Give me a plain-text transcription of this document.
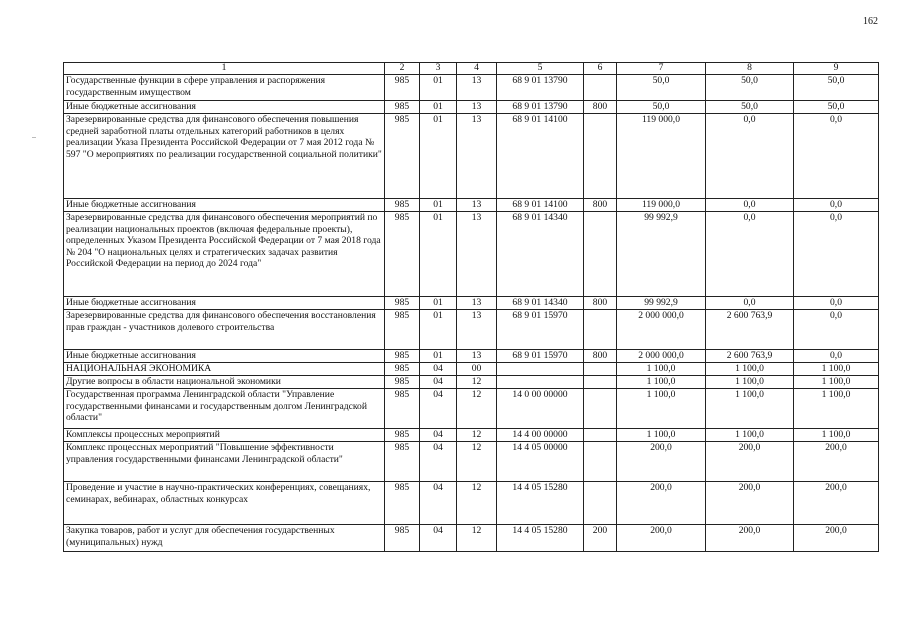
162
1	2	3	4	5	6	7	8	9
Государственные функции в сфере управления и распоряжения государственным имуществом	985	01	13	68 9 01 13790		50,0	50,0	50,0
Иные бюджетные ассигнования	985	01	13	68 9 01 13790	800	50,0	50,0	50,0
Зарезервированные средства для финансового обеспечения повышения средней заработной платы отдельных категорий работников в целях реализации Указа Президента Российской Федерации от 7 мая 2012 года № 597 "О мероприятиях по реализации государственной социальной политики"	985	01	13	68 9 01 14100		119 000,0	0,0	0,0
Иные бюджетные ассигнования	985	01	13	68 9 01 14100	800	119 000,0	0,0	0,0
Зарезервированные средства для финансового обеспечения мероприятий по реализации национальных проектов (включая федеральные проекты), определенных Указом Президента Российской Федерации от 7 мая 2018 года № 204 "О национальных целях и стратегических задачах развития Российской Федерации на период до 2024 года"	985	01	13	68 9 01 14340		99 992,9	0,0	0,0
Иные бюджетные ассигнования	985	01	13	68 9 01 14340	800	99 992,9	0,0	0,0
Зарезервированные средства для финансового обеспечения восстановления прав граждан - участников долевого строительства	985	01	13	68 9 01 15970		2 000 000,0	2 600 763,9	0,0
Иные бюджетные ассигнования	985	01	13	68 9 01 15970	800	2 000 000,0	2 600 763,9	0,0
НАЦИОНАЛЬНАЯ ЭКОНОМИКА	985	04	00			1 100,0	1 100,0	1 100,0
Другие вопросы в области национальной экономики	985	04	12			1 100,0	1 100,0	1 100,0
Государственная программа Ленинградской области "Управление государственными финансами и государственным долгом Ленинградской области"	985	04	12	14 0 00 00000		1 100,0	1 100,0	1 100,0
Комплексы процессных мероприятий	985	04	12	14 4 00 00000		1 100,0	1 100,0	1 100,0
Комплекс процессных мероприятий "Повышение эффективности управления государственными финансами Ленинградской области"	985	04	12	14 4 05 00000		200,0	200,0	200,0
Проведение и участие в научно-практических конференциях, совещаниях, семинарах, вебинарах, областных конкурсах	985	04	12	14 4 05 15280		200,0	200,0	200,0
Закупка товаров, работ и услуг для обеспечения государственных (муниципальных) нужд	985	04	12	14 4 05 15280	200	200,0	200,0	200,0
